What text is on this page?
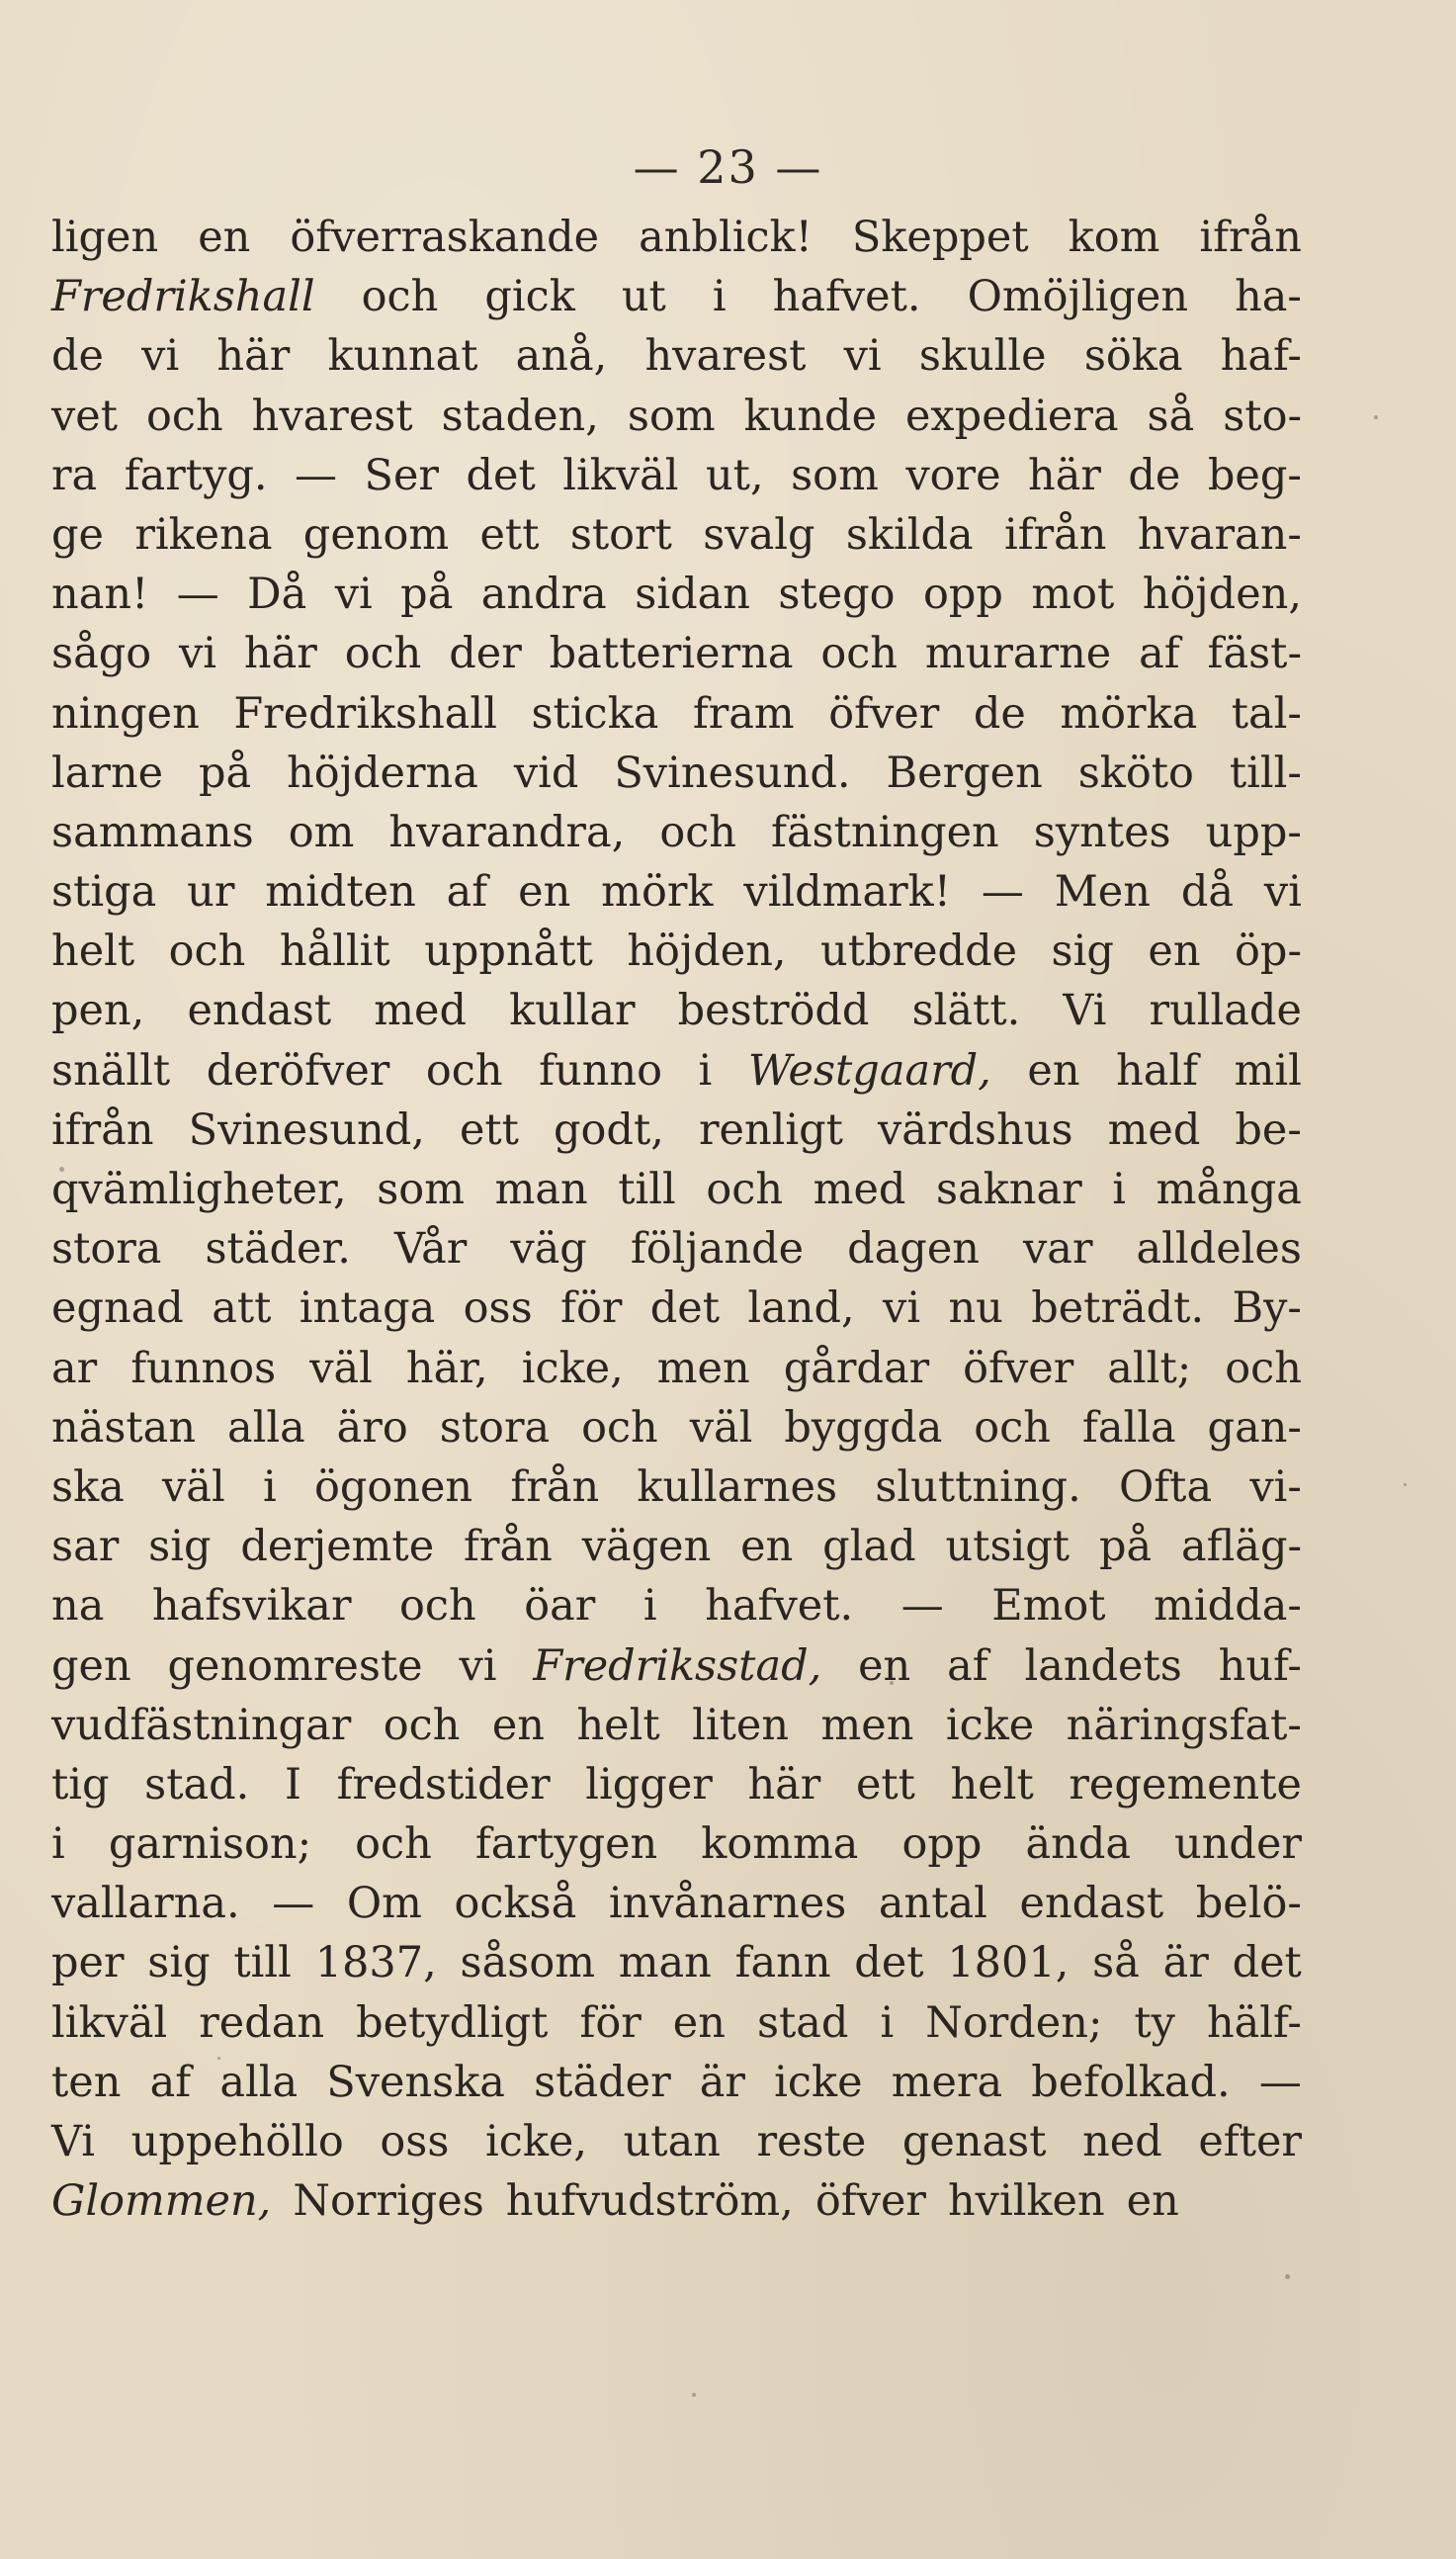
— 23 —
ligen en öfverraskande anblick! Skeppet kom ifrån
Fredrikshall och gick ut i hafvet. Omöjligen ha-
de vi här kunnat anå, hvarest vi skulle söka haf-
vet och hvarest staden, som kunde expediera så sto-
ra fartyg. — Ser det likväl ut, som vore här de beg-
ge rikena genom ett stort svalg skilda ifrån hvaran-
nan! — Då vi på andra sidan stego opp mot höjden,
sågo vi här och der batterierna och murarne af fäst-
ningen Fredrikshall sticka fram öfver de mörka tal-
larne på höjderna vid Svinesund. Bergen sköto till-
sammans om hvarandra, och fästningen syntes upp-
stiga ur midten af en mörk vildmark! — Men då vi
helt och hållit uppnått höjden, utbredde sig en öp-
pen, endast med kullar beströdd slätt. Vi rullade
snällt deröfver och funno i Westgaard, en half mil
ifrån Svinesund, ett godt, renligt värdshus med be-
qvämligheter, som man till och med saknar i många
stora städer. Vår väg följande dagen var alldeles
egnad att intaga oss för det land, vi nu beträdt. By-
ar funnos väl här, icke, men gårdar öfver allt; och
nästan alla äro stora och väl byggda och falla gan-
ska väl i ögonen från kullarnes sluttning. Ofta vi-
sar sig derjemte från vägen en glad utsigt på afläg-
na hafsvikar och öar i hafvet. — Emot midda-
gen genomreste vi Fredriksstad, en af landets huf-
vudfästningar och en helt liten men icke näringsfat-
tig stad. I fredstider ligger här ett helt regemente
i garnison; och fartygen komma opp ända under
vallarna. — Om också invånarnes antal endast belö-
per sig till 1837, såsom man fann det 1801, så är det
likväl redan betydligt för en stad i Norden; ty hälf-
ten af alla Svenska städer är icke mera befolkad. —
Vi uppehöllo oss icke, utan reste genast ned efter
Glommen, Norriges hufvudström, öfver hvilken en
